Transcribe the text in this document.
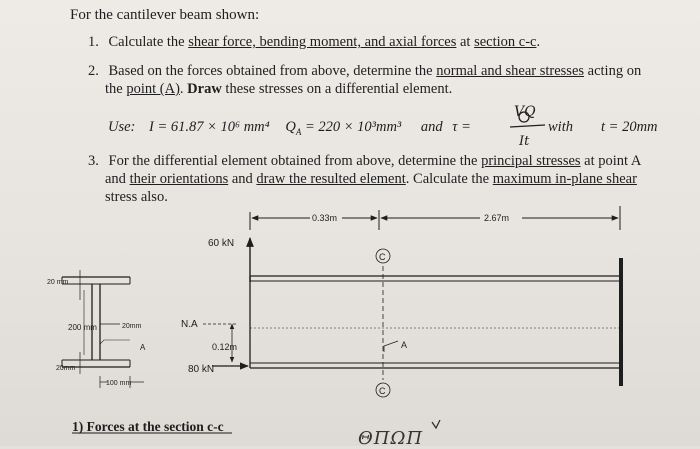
For the cantilever beam shown:
1. Calculate the shear force, bending moment, and axial forces at section c-c.
2. Based on the forces obtained from above, determine the normal and shear stresses acting on
the point (A). Draw these stresses on a differential element.
Use: I = 61.87 × 10⁶ mm⁴ $Q_A = 220 \times 10^3mm^3$ and τ =
VQ
It
with t = 20mm
3. For the differential element obtained from above, determine the principal stresses at point A
and their orientations and draw the resulted element. Calculate the maximum in-plane shear
stress also.
0.33m	2.67m
60 kN
C
C
A
N.A
0.12m
80 kN
20 mm
200 mm	20mm
A
20mm
100 mm
1) Forces at the section c-c
ΘΠΩΠ
